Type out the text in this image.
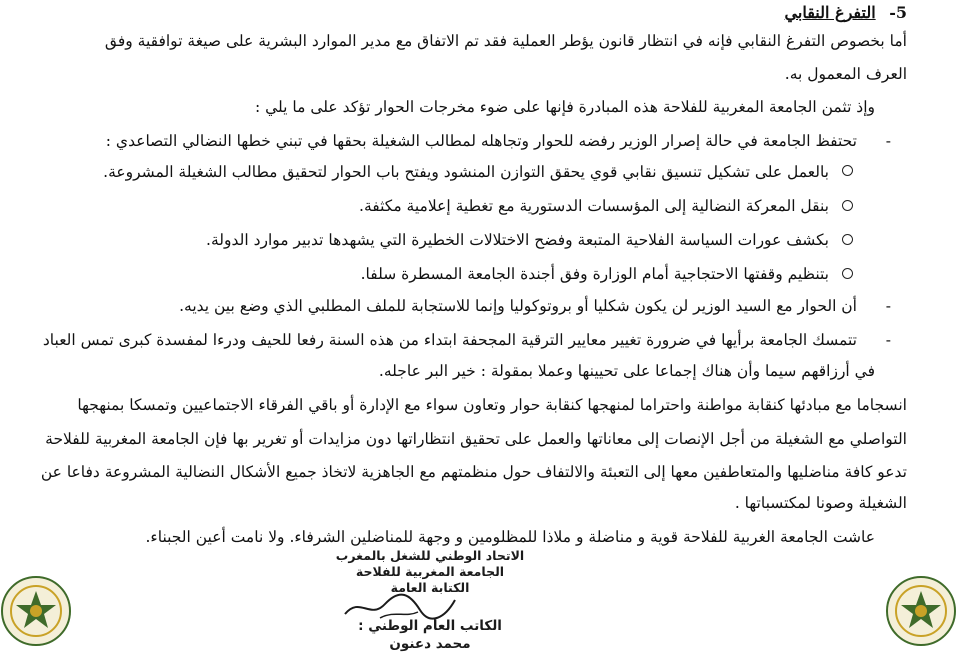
5- التفرغ النقابي
أما بخصوص التفرغ النقابي فإنه في انتظار قانون يؤطر العملية فقد تم الاتفاق مع مدير الموارد البشرية على صيغة توافقية وفق
العرف المعمول به.
وإذ تثمن الجامعة المغربية للفلاحة هذه المبادرة فإنها على ضوء مخرجات الحوار تؤكد على ما يلي :
-
تحتفظ الجامعة في حالة إصرار الوزير رفضه للحوار وتجاهله لمطالب الشغيلة بحقها في تبني خطها النضالي التصاعدي :
بالعمل على تشكيل تنسيق نقابي قوي يحقق التوازن المنشود ويفتح باب الحوار لتحقيق مطالب الشغيلة المشروعة.
بنقل المعركة النضالية إلى المؤسسات الدستورية مع تغطية إعلامية مكثفة.
بكشف عورات السياسة الفلاحية المتبعة وفضح الاختلالات الخطيرة التي يشهدها تدبير موارد الدولة.
بتنظيم وقفتها الاحتجاجية أمام الوزارة وفق أجندة الجامعة المسطرة سلفا.
-
أن الحوار مع السيد الوزير لن يكون شكليا أو بروتوكوليا وإنما للاستجابة للملف المطلبي الذي وضع بين يديه.
-
تتمسك الجامعة برأيها في ضرورة تغيير معايير الترقية المجحفة ابتداء من هذه السنة رفعا للحيف ودرءا لمفسدة كبرى تمس العباد
في أرزاقهم سيما وأن هناك إجماعا على تحيينها وعملا بمقولة : خير البر عاجله.
انسجاما مع مبادئها كنقابة مواطنة واحتراما لمنهجها كنقابة حوار وتعاون سواء مع الإدارة أو باقي الفرقاء الاجتماعيين وتمسكا بمنهجها
التواصلي مع الشغيلة من أجل الإنصات إلى معاناتها والعمل على تحقيق انتظاراتها دون مزايدات أو تغرير بها فإن الجامعة المغربية للفلاحة
تدعو كافة مناضليها والمتعاطفين معها إلى التعبئة والالتفاف حول منظمتهم مع الجاهزية لاتخاذ جميع الأشكال النضالية المشروعة دفاعا عن
الشغيلة وصونا لمكتسباتها .
عاشت الجامعة الغربية للفلاحة قوية و مناضلة و ملاذا للمظلومين و وجهة للمناضلين الشرفاء. ولا نامت أعين الجبناء.
الاتحاد الوطني للشغل بالمغرب
الجامعة المغربية للفلاحة
الكتابة العامة
الكاتب العام الوطني :
محمد دعنون
